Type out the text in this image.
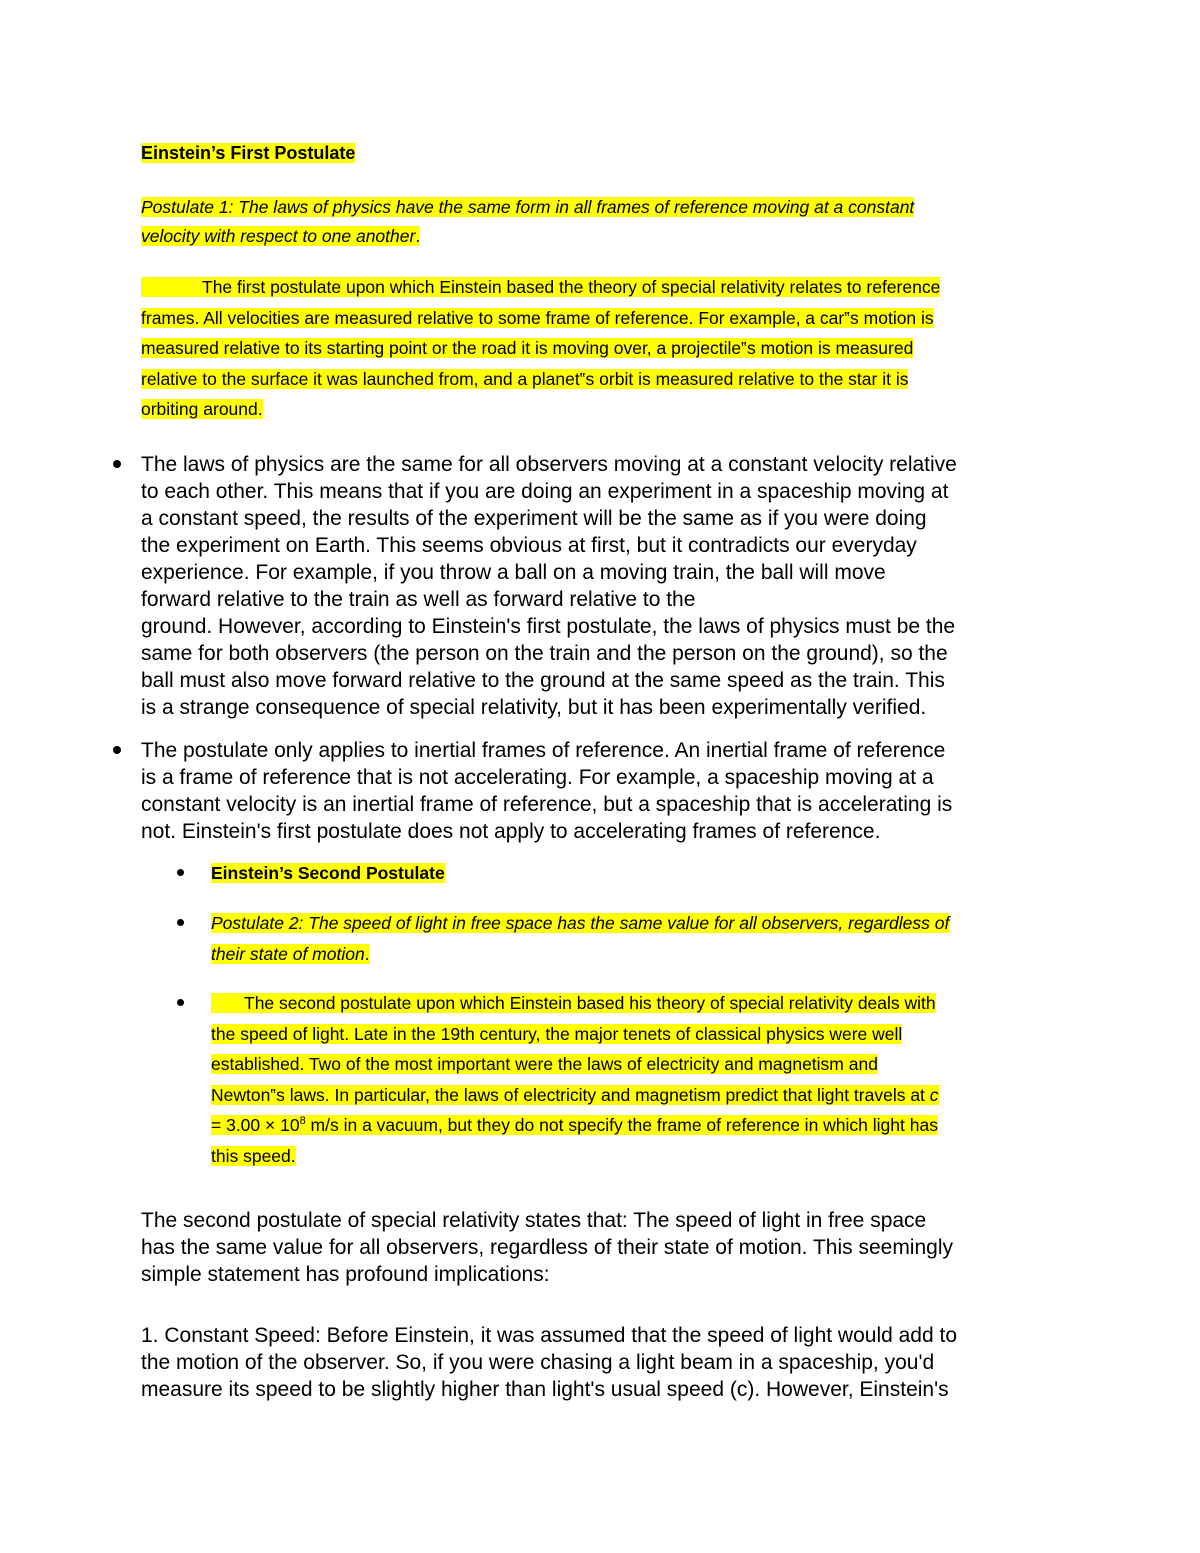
Einstein’s First Postulate
Postulate 1: The laws of physics have the same form in all frames of reference moving at a constant
velocity with respect to one another.
The first postulate upon which Einstein based the theory of special relativity relates to reference
frames. All velocities are measured relative to some frame of reference. For example, a car‟s motion is
measured relative to its starting point or the road it is moving over, a projectile‟s motion is measured
relative to the surface it was launched from, and a planet‟s orbit is measured relative to the star it is
orbiting around.
The laws of physics are the same for all observers moving at a constant velocity relative
to each other. This means that if you are doing an experiment in a spaceship moving at
a constant speed, the results of the experiment will be the same as if you were doing
the experiment on Earth. This seems obvious at first, but it contradicts our everyday
experience. For example, if you throw a ball on a moving train, the ball will move
forward relative to the train as well as forward relative to the
ground. However, according to Einstein's first postulate, the laws of physics must be the
same for both observers (the person on the train and the person on the ground), so the
ball must also move forward relative to the ground at the same speed as the train. This
is a strange consequence of special relativity, but it has been experimentally verified.
The postulate only applies to inertial frames of reference. An inertial frame of reference
is a frame of reference that is not accelerating. For example, a spaceship moving at a
constant velocity is an inertial frame of reference, but a spaceship that is accelerating is
not. Einstein's first postulate does not apply to accelerating frames of reference.
Einstein’s Second Postulate
Postulate 2: The speed of light in free space has the same value for all observers, regardless of
their state of motion.
The second postulate upon which Einstein based his theory of special relativity deals with
the speed of light. Late in the 19th century, the major tenets of classical physics were well
established. Two of the most important were the laws of electricity and magnetism and
Newton‟s laws. In particular, the laws of electricity and magnetism predict that light travels at c
= $3.00 \times 10^8$ m/s in a vacuum, but they do not specify the frame of reference in which light has
this speed.
The second postulate of special relativity states that: The speed of light in free space
has the same value for all observers, regardless of their state of motion. This seemingly
simple statement has profound implications:
1. Constant Speed: Before Einstein, it was assumed that the speed of light would add to
the motion of the observer. So, if you were chasing a light beam in a spaceship, you'd
measure its speed to be slightly higher than light's usual speed (c). However, Einstein's
